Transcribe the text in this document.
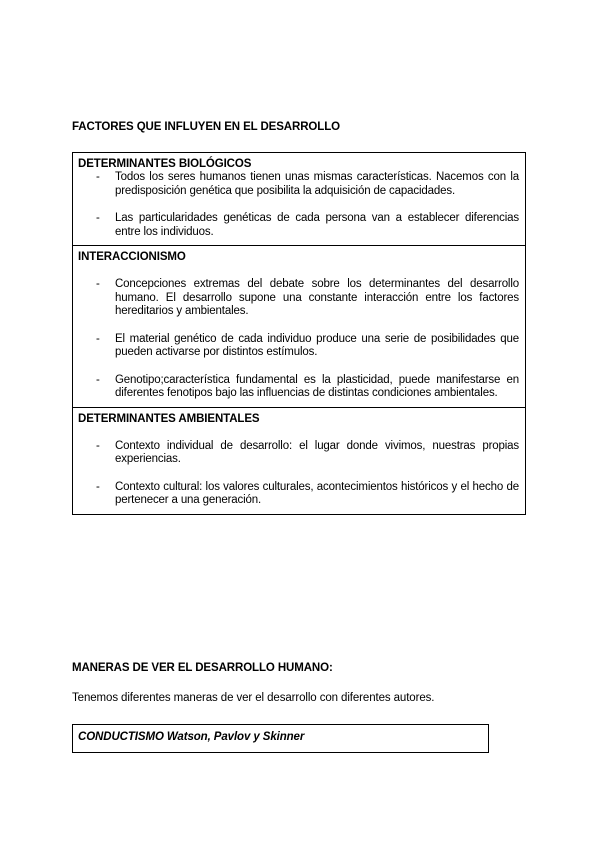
FACTORES QUE INFLUYEN EN EL DESARROLLO
DETERMINANTES BIOLÓGICOS
- Todos los seres humanos tienen unas mismas características. Nacemos con la predisposición genética que posibilita la adquisición de capacidades.
- Las particularidades genéticas de cada persona van a establecer diferencias entre los individuos.
INTERACCIONISMO
- Concepciones extremas del debate sobre los determinantes del desarrollo humano. El desarrollo supone una constante interacción entre los factores hereditarios y ambientales.
- El material genético de cada individuo produce una serie de posibilidades que pueden activarse por distintos estímulos.
- Genotipo;característica fundamental es la plasticidad, puede manifestarse en diferentes fenotipos bajo las influencias de distintas condiciones ambientales.
DETERMINANTES AMBIENTALES
- Contexto individual de desarrollo: el lugar donde vivimos, nuestras propias experiencias.
- Contexto cultural: los valores culturales, acontecimientos históricos y el hecho de pertenecer a una generación.
MANERAS DE VER EL DESARROLLO HUMANO:
Tenemos diferentes maneras de ver el desarrollo con diferentes autores.
CONDUCTISMO Watson, Pavlov y Skinner
